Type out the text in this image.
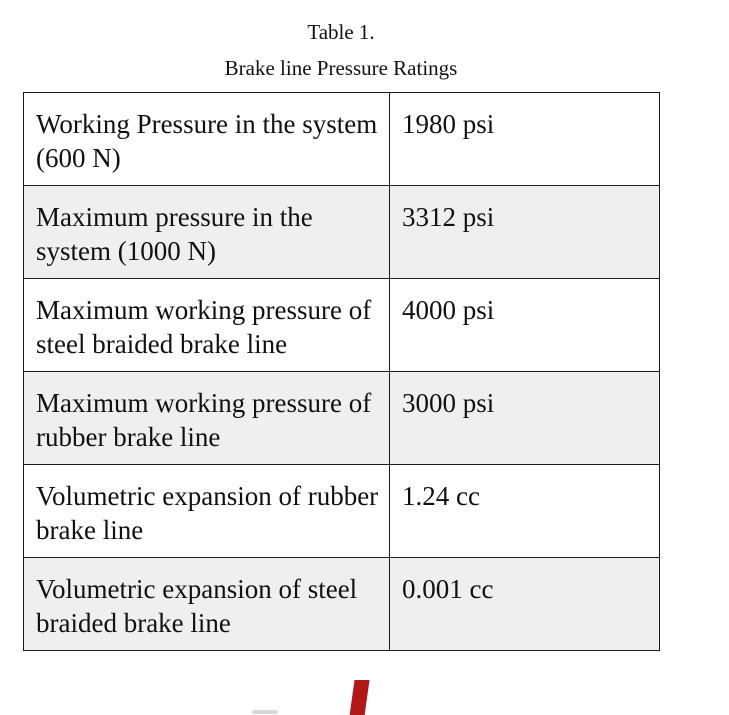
Table 1.
Brake line Pressure Ratings
Working Pressure in the system (600 N)	1980 psi
Maximum pressure in the system (1000 N)	3312 psi
Maximum working pressure of steel braided brake line	4000 psi
Maximum working pressure of rubber brake line	3000 psi
Volumetric expansion of rubber brake line	1.24 cc
Volumetric expansion of steel braided brake line	0.001 cc
